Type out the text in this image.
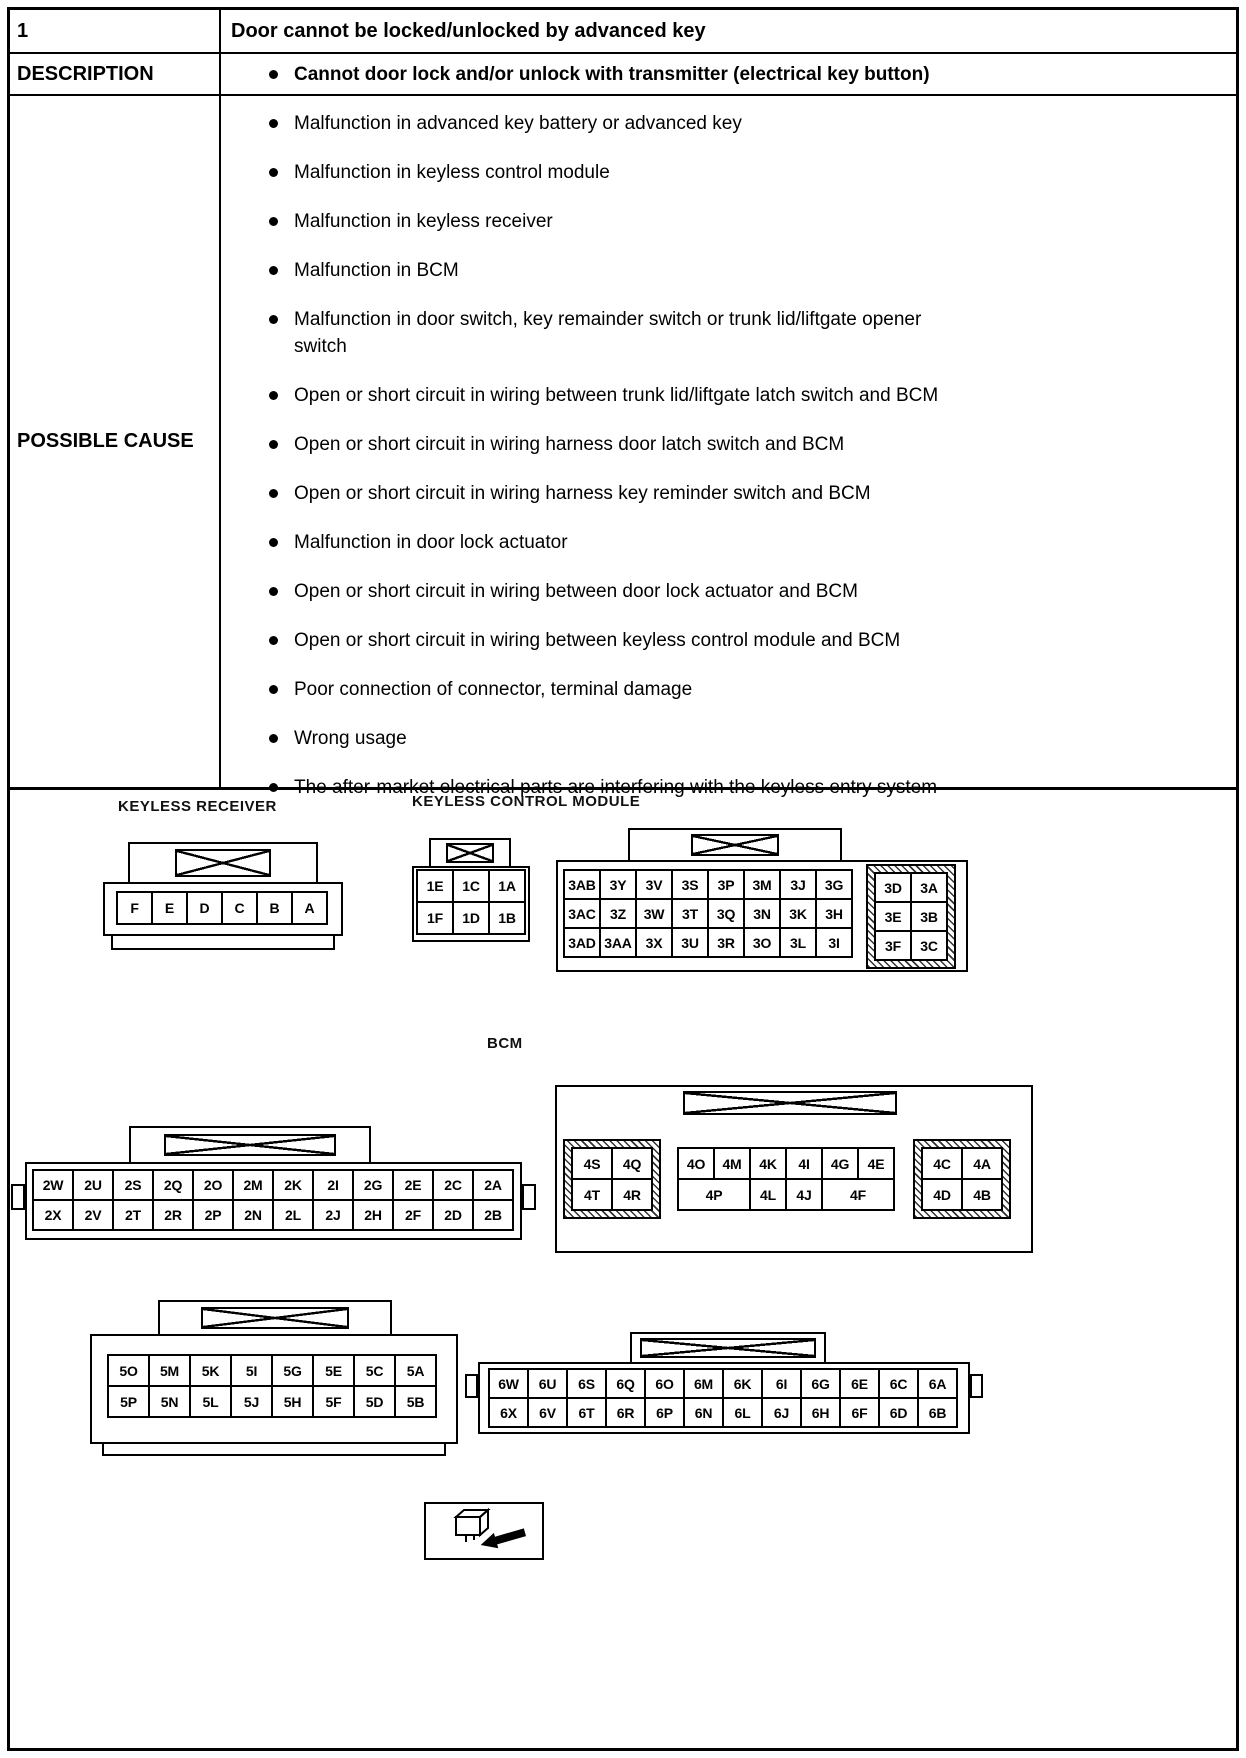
1	Door cannot be locked/unlocked by advanced key
DESCRIPTION	Cannot door lock and/or unlock with transmitter (electrical key button)
POSSIBLE CAUSE
Malfunction in advanced key battery or advanced key
Malfunction in keyless control module
Malfunction in keyless receiver
Malfunction in BCM
Malfunction in door switch, key remainder switch or trunk lid/liftgate opener
switch
Open or short circuit in wiring between trunk lid/liftgate latch switch and BCM
Open or short circuit in wiring harness door latch switch and BCM
Open or short circuit in wiring harness key reminder switch and BCM
Malfunction in door lock actuator
Open or short circuit in wiring between door lock actuator and BCM
Open or short circuit in wiring between keyless control module and BCM
Poor connection of connector, terminal damage
Wrong usage
The after-market electrical parts are interfering with the keyless entry system
KEYLESS RECEIVER	KEYLESS CONTROL MODULE
BCM
F	E	D	C	B	A
1E	1C	1A
1F	1D	1B
3AB 3Y	3V	3S	3P	3M	3J	3G
3AC	3Z	3W	3T	3Q	3N	3K	3H
3AD 3AA 3X	3U	3R	3O	3L	3I
3D	3A
3E	3B
3F	3C
2W	2U	2S	2Q	2O	2M	2K	2I	2G	2E	2C	2A
2X	2V	2T	2R	2P	2N	2L	2J	2H	2F	2D	2B
4S	4Q
4T	4R
4O	4M	4K	4I	4G	4E
4P	4L	4J	4F
4C	4A
4D	4B
5O	5M	5K	5I	5G	5E	5C	5A
5P	5N	5L	5J	5H	5F	5D	5B
6W	6U	6S	6Q	6O	6M	6K	6I	6G	6E	6C	6A
6X	6V	6T	6R	6P	6N	6L	6J	6H	6F	6D	6B
